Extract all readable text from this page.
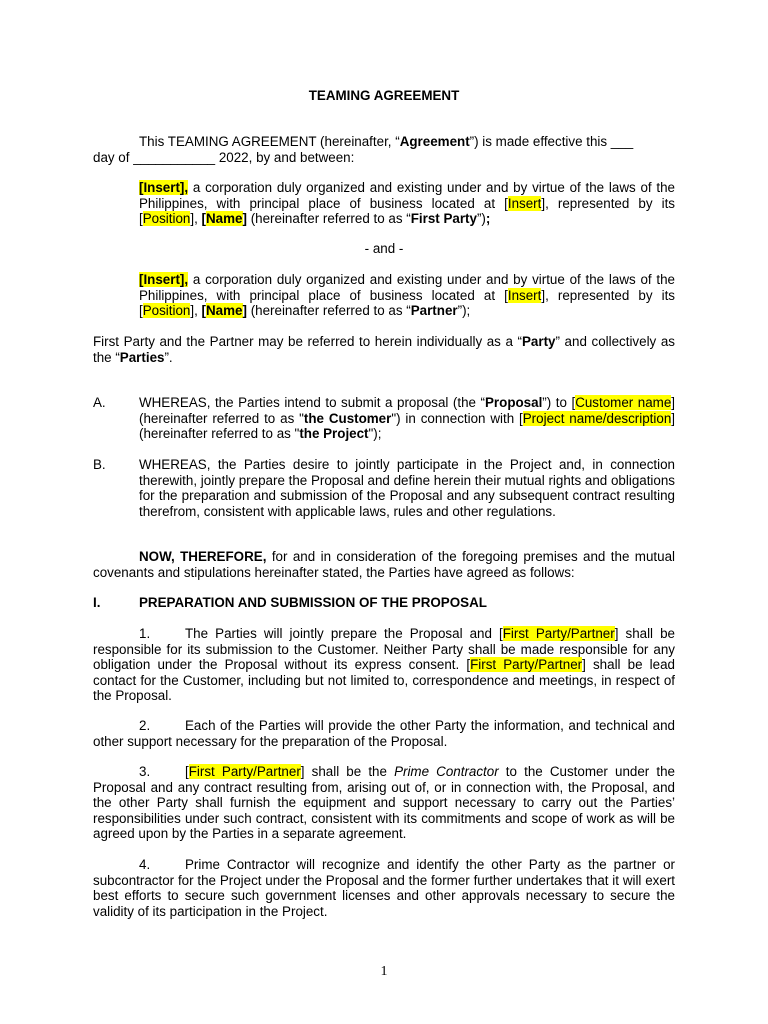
TEAMING AGREEMENT
This TEAMING AGREEMENT (hereinafter, “Agreement”) is made effective this ___
day of ___________ 2022, by and between:
[Insert], a corporation duly organized and existing under and by virtue of the laws of the Philippines, with principal place of business located at [Insert], represented by its [Position], [Name] (hereinafter referred to as “First Party”);
- and -
[Insert], a corporation duly organized and existing under and by virtue of the laws of the Philippines, with principal place of business located at [Insert], represented by its [Position], [Name] (hereinafter referred to as “Partner”);
First Party and the Partner may be referred to herein individually as a “Party” and collectively as the “Parties”.
A. WHEREAS, the Parties intend to submit a proposal (the “Proposal”) to [Customer name] (hereinafter referred to as "the Customer") in connection with [Project name/description] (hereinafter referred to as "the Project");
B. WHEREAS, the Parties desire to jointly participate in the Project and, in connection therewith, jointly prepare the Proposal and define herein their mutual rights and obligations for the preparation and submission of the Proposal and any subsequent contract resulting therefrom, consistent with applicable laws, rules and other regulations.
NOW, THEREFORE, for and in consideration of the foregoing premises and the mutual covenants and stipulations hereinafter stated, the Parties have agreed as follows:
I.	PREPARATION AND SUBMISSION OF THE PROPOSAL
1.	The Parties will jointly prepare the Proposal and [First Party/Partner] shall be responsible for its submission to the Customer. Neither Party shall be made responsible for any obligation under the Proposal without its express consent. [First Party/Partner] shall be lead contact for the Customer, including but not limited to, correspondence and meetings, in respect of the Proposal.
2.	Each of the Parties will provide the other Party the information, and technical and other support necessary for the preparation of the Proposal.
3.	[First Party/Partner] shall be the Prime Contractor to the Customer under the Proposal and any contract resulting from, arising out of, or in connection with, the Proposal, and the other Party shall furnish the equipment and support necessary to carry out the Parties’ responsibilities under such contract, consistent with its commitments and scope of work as will be agreed upon by the Parties in a separate agreement.
4.	Prime Contractor will recognize and identify the other Party as the partner or subcontractor for the Project under the Proposal and the former further undertakes that it will exert best efforts to secure such government licenses and other approvals necessary to secure the validity of its participation in the Project.
1
